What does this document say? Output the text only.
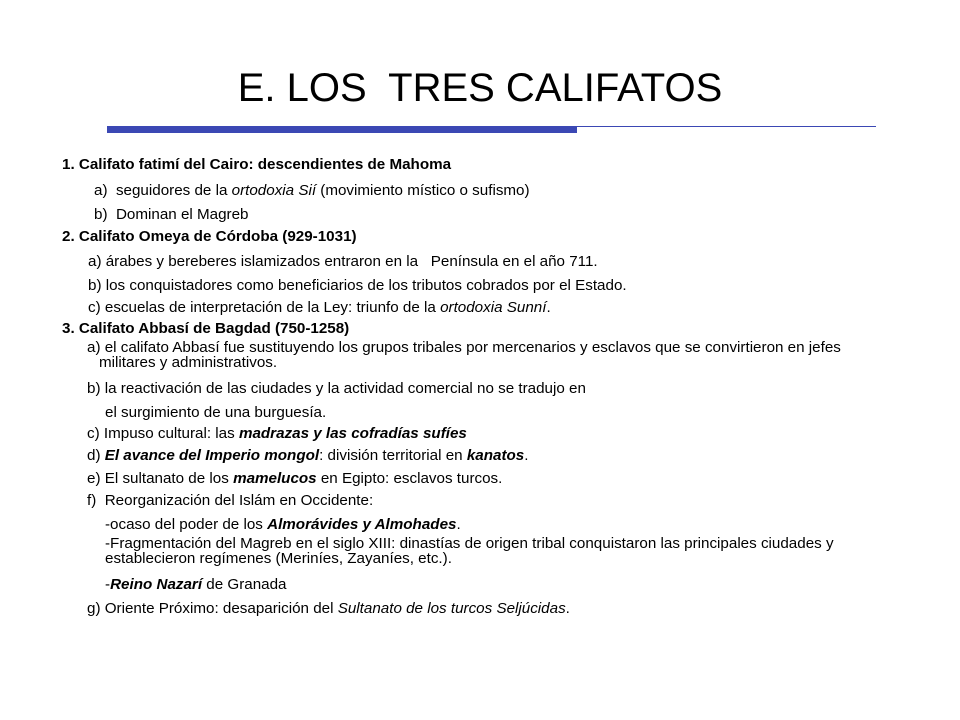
E. LOS  TRES CALIFATOS
1. Califato fatimí del Cairo: descendientes de Mahoma
a)  seguidores de la ortodoxia Sií (movimiento místico o sufismo)
b)  Dominan el Magreb
2. Califato Omeya de Córdoba (929-1031)
a) árabes y bereberes islamizados entraron en la   Península en el año 711.
b) los conquistadores como beneficiarios de los tributos cobrados por el Estado.
c) escuelas de interpretación de la Ley: triunfo de la ortodoxia Sunní.
3. Califato Abbasí de Bagdad (750-1258)
a) el califato Abbasí fue sustituyendo los grupos tribales por mercenarios y esclavos que se convirtieron en jefes militares y administrativos.
b) la reactivación de las ciudades y la actividad comercial no se tradujo en
el surgimiento de una burguesía.
c) Impuso cultural: las madrazas y las cofradías sufíes
d) El avance del Imperio mongol: división territorial en kanatos.
e) El sultanato de los mamelucos en Egipto: esclavos turcos.
f)  Reorganización del Islám en Occidente:
-ocaso del poder de los Almorávides y Almohades.
-Fragmentación del Magreb en el siglo XIII: dinastías de origen tribal conquistaron las principales ciudades y establecieron regímenes (Meriníes, Zayaníes, etc.).
-Reino Nazarí de Granada
g) Oriente Próximo: desaparición del Sultanato de los turcos Seljúcidas.
